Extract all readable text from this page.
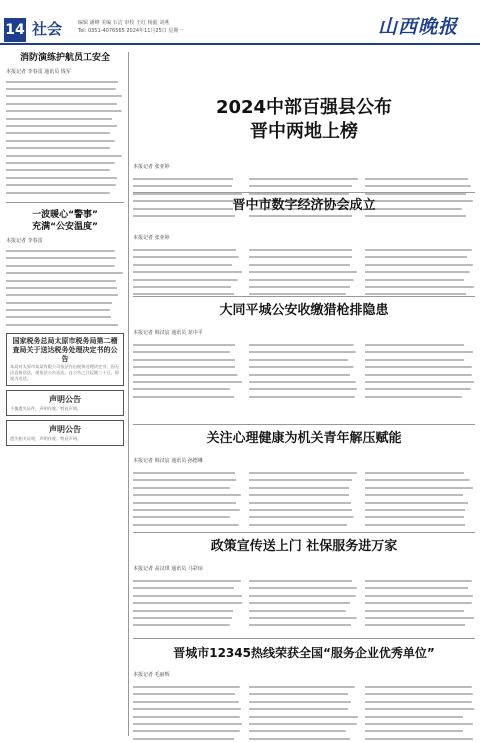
14 社会	编辑 潘峰 美编 石洁 审校 王红 杨毅 刘燕
Tel: 0351-4076565 2024年11月25日 星期一	山西晚报
消防演练护航员工安全
本报记者 李春雷 通讯员 钱军
一波暖心“警事”
充满“公安温度”
本报记者 李春雷
国家税务总局太原市税务局第二稽查局关于送达税务处理决定书的公告
本局对太原市某某有限公司依法作出税务处理决定书，因无法直接送达，现依法公告送达。自公告之日起满三十日，即视为送达。
声明公告
不慎遗失证件，声明作废。特此声明。
声明公告
遗失相关证明，声明作废。特此声明。
2024中部百强县公布
晋中两地上榜
本报记者 张亚婷
晋中市数字经济协会成立
本报记者 张亚婷
大同平城公安收缴猎枪排隐患
本报记者 韩汉宸 通讯员 龙中平
关注心理健康为机关青年解压赋能
本报记者 韩汉宸 通讯员 孙德琳
政策宣传送上门 社保服务进万家
本报记者 高汉琪 通讯员 马彩琼
晋城市12345热线荣获全国“服务企业优秀单位”
本报记者 毛丽辉
